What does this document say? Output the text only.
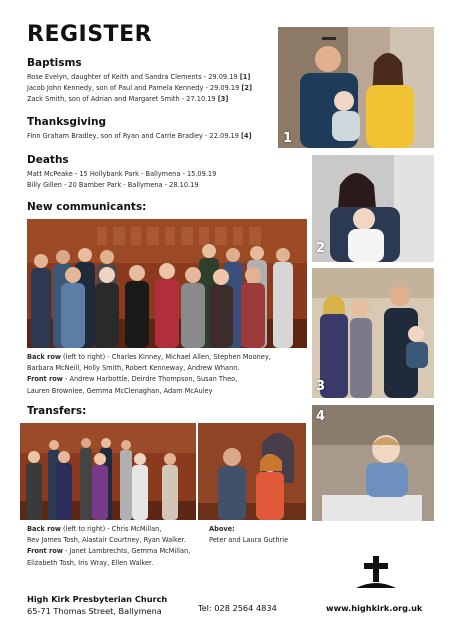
REGISTER
Baptisms
Rose Evelyn, daughter of Keith and Sandra Clements - 29.09.19 [1]
Jacob John Kennedy, son of Paul and Pamela Kennedy - 29.09.19 [2]
Zack Smith, son of Adrian and Margaret Smith - 27.10.19 [3]
Thanksgiving
Finn Graham Bradley, son of Ryan and Carrie Bradley - 22.09.19 [4]
Deaths
Matt McPeake - 15 Hollybank Park - Ballymena - 15.09.19
Billy Gillen - 20 Bamber Park - Ballymena - 28.10.19
New communicants:
Back row (left to right) - Charles Kinney, Michael Allen, Stephen Mooney,
Barbara McNeill, Holly Smith, Robert Kenneway, Andrew Whann.
Front row - Andrew Harbottle, Deirdre Thompson, Susan Theo,
Lauren Brownlee, Gemma McClenaghan, Adam McAuley
Transfers:
Back row (left to right) - Chris McMillan,
Rev James Tosh, Alastair Courtney, Ryan Walker.
Front row - Janet Lambrechts, Gemma McMillan,
Elizabeth Tosh, Iris Wray, Ellen Walker.
Above:
Peter and Laura Guthrie
1
2
3
4
High Kirk Presbyterian Church
65-71 Thomas Street, Ballymena	Tel: 028 2564 4834	www.highkirk.org.uk
